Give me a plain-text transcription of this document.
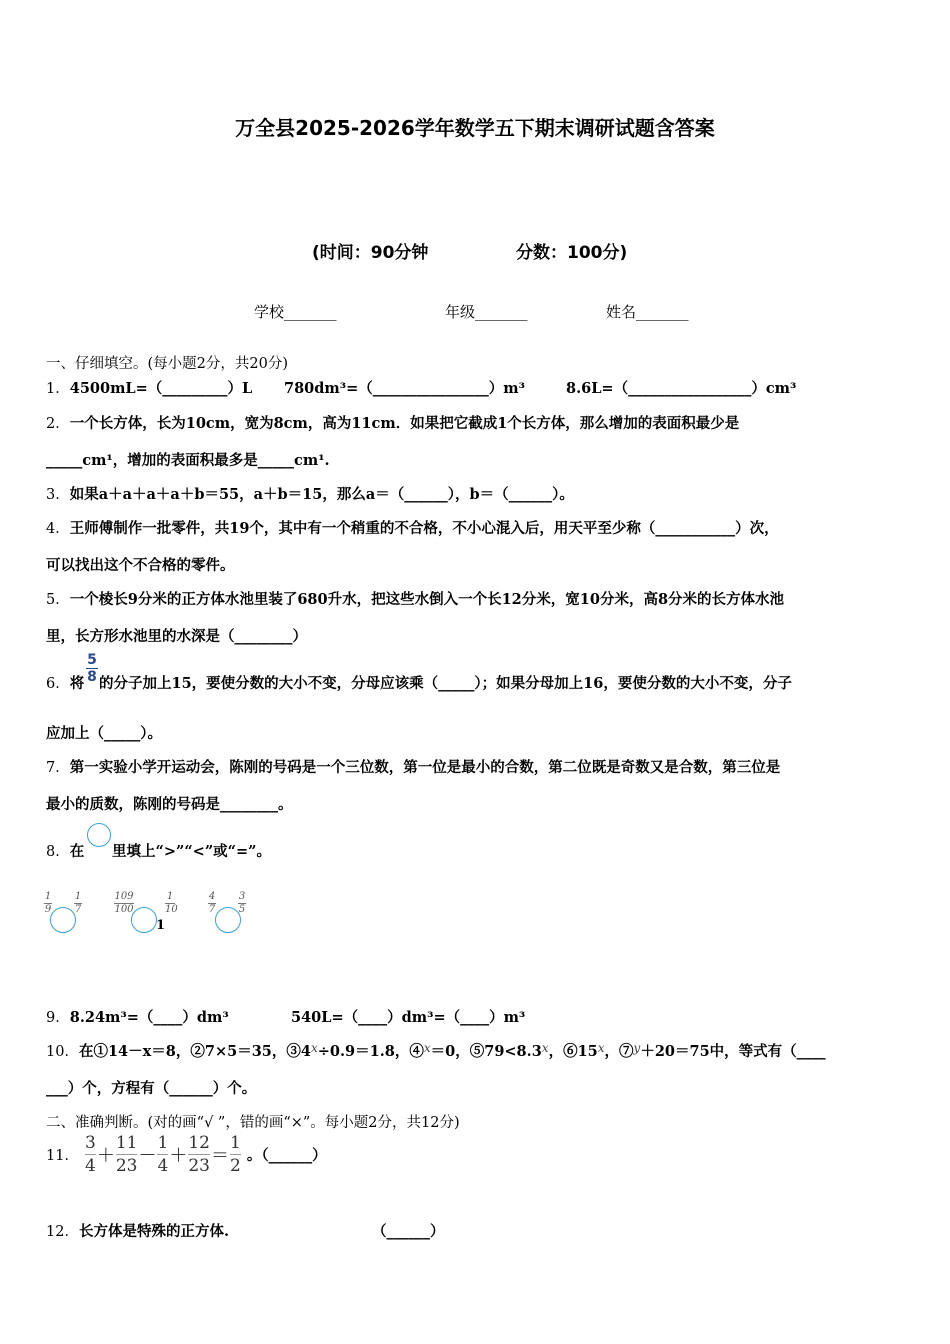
万全县2025-2026学年数学五下期末调研试题含答案
(时间：90分钟	分数：100分)
学校_______	年级_______	姓名_______
一、仔细填空。(每小题2分，共20分)
1．4500mL=（_________）L 780dm³=（________________）m³	8.6L=（_________________）cm³
2．一个长方体，长为10cm，宽为8cm，高为11cm．如果把它截成1个长方体，那么增加的表面积最少是
_____cm¹，增加的表面积最多是_____cm¹.
3．如果a＋a＋a＋a＋b＝55，a＋b＝15，那么a＝（______），b＝（______）。
4．王师傅制作一批零件，共19个，其中有一个稍重的不合格，不小心混入后，用天平至少称（___________）次，
可以找出这个不合格的零件。
5．一个棱长9分米的正方体水池里装了680升水，把这些水倒入一个长12分米，宽10分米，高8分米的长方体水池
里，长方形水池里的水深是（________）
6．将 $\frac{5}{8}$ 的分子加上15，要使分数的大小不变，分母应该乘（_____）；如果分母加上16，要使分数的大小不变，分子
应加上（_____）。
7．第一实验小学开运动会，陈刚的号码是一个三位数，第一位是最小的合数，第二位既是奇数又是合数，第三位是
最小的质数，陈刚的号码是________。
8．在 里填上“>”“<”或“=”。
$\frac{1}{9} \frac{1}{7}$	$\frac{109}{100}$	$\frac{1}{10}$
1
$\frac{4}{7} \frac{3}{5}$
9．8.24m³=（____）dm³	540L=（____）dm³=（____）m³
10．在①14－x＝8，②7×5＝35，$③4^x\div 0.9=1.8$，④$^x$＝0，$⑤79<8.3^x$，⑥15$^x$，⑦$^y$＋20＝75中，等式有（____
___）个，方程有（______）个。
二、准确判断。(对的画“√ ”，错的画“×”。每小题2分，共12分)
11． $\frac{3}{4} + \frac{11}{23} - \frac{1}{4} + \frac{12}{23} = \frac{1}{2}$ 。（______）
12．长方体是特殊的正方体.	（______）
